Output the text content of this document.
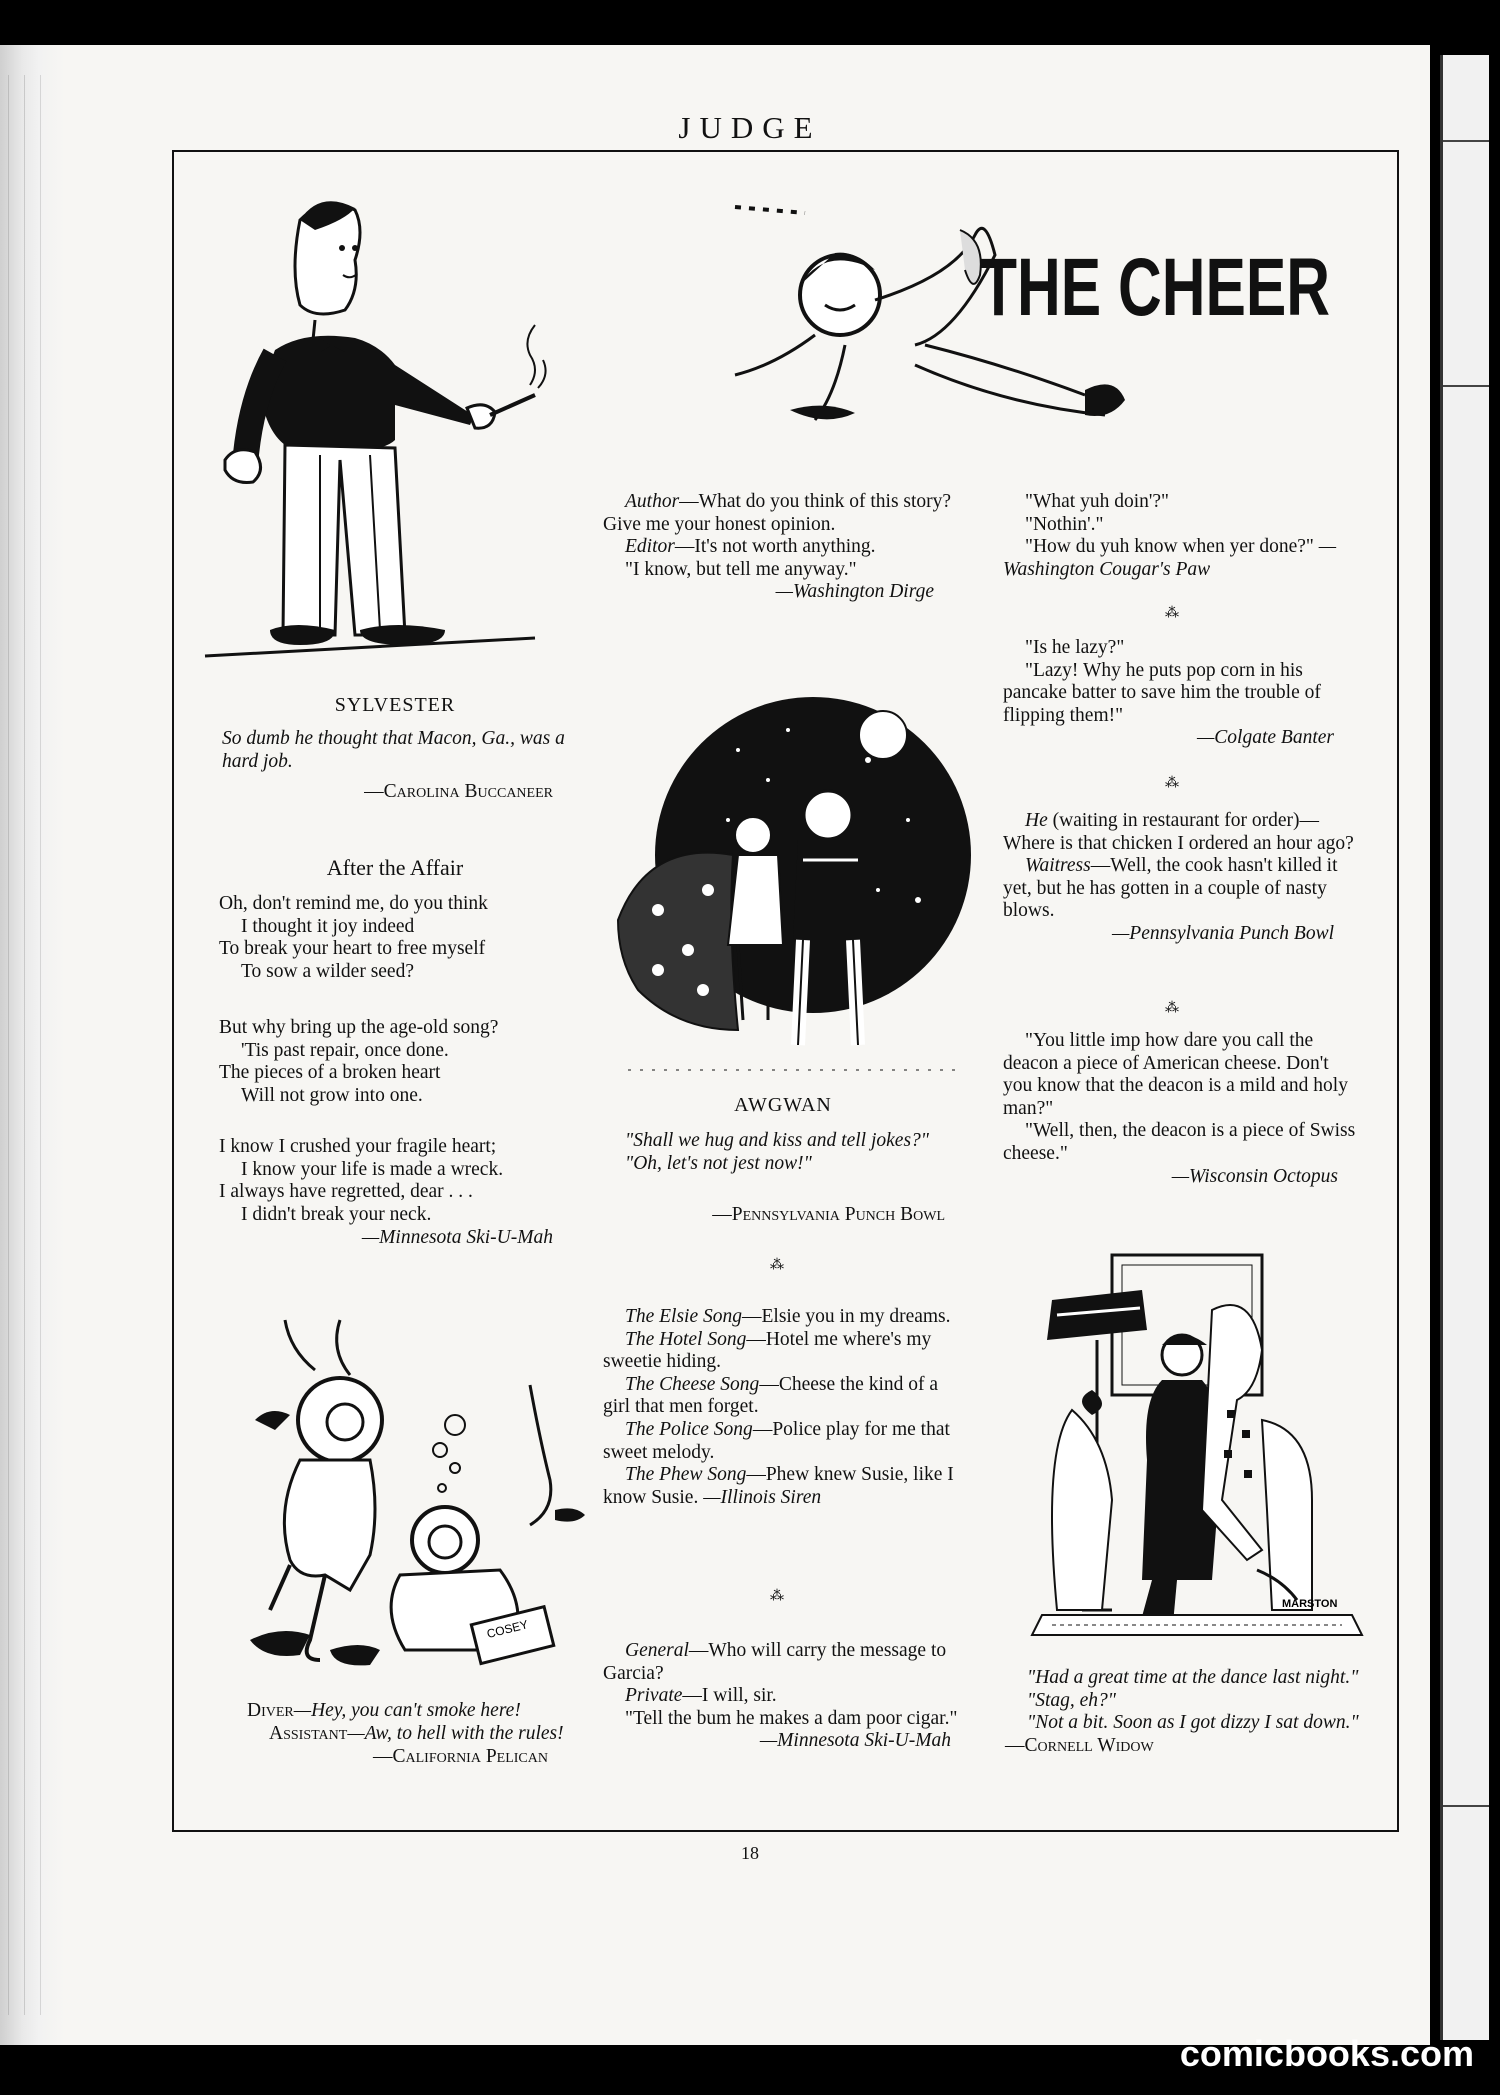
JUDGE
SYLVESTER
So dumb he thought that Macon, Ga., was a hard job.
—Carolina Buccaneer
After the Affair

Oh, don't remind me, do you think

I thought it joy indeed

To break your heart to free myself

To sow a wilder seed?

But why bring up the age-old song?

'Tis past repair, once done.

The pieces of a broken heart

Will not grow into one.

I know I crushed your fragile heart;

I know your life is made a wreck.

I always have regretted, dear . . .

I didn't break your neck.

—Minnesota Ski-U-Mah
COSEY

Diver—Hey, you can't smoke here!

Assistant—Aw, to hell with the rules!

—California Pelican
THE CHEER

Author—What do you think of this story? Give me your honest opinion.

Editor—It's not worth anything.

"I know, but tell me anyway."

—Washington Dirge

AWGWAN

"Shall we hug and kiss and tell jokes?"

"Oh, let's not jest now!"

—Pennsylvania Punch Bowl
⁂

The Elsie Song—Elsie you in my dreams.

The Hotel Song—Hotel me where's my sweetie hiding.

The Cheese Song—Cheese the kind of a girl that men forget.

The Police Song—Police play for me that sweet melody.

The Phew Song—Phew knew Susie, like I know Susie. —Illinois Siren

⁂

General—Who will carry the message to Garcia?

Private—I will, sir.

"Tell the bum he makes a dam poor cigar."

—Minnesota Ski-U-Mah

"What yuh doin'?"

"Nothin'."

"How du yuh know when yer done?" —Washington Cougar's Paw

⁂

"Is he lazy?"

"Lazy! Why he puts pop corn in his pancake batter to save him the trouble of flipping them!"

—Colgate Banter

⁂

He (waiting in restaurant for order)—Where is that chicken I ordered an hour ago?

Waitress—Well, the cook hasn't killed it yet, but he has gotten in a couple of nasty blows.

—Pennsylvania Punch Bowl

⁂

"You little imp how dare you call the deacon a piece of American cheese. Don't you know that the deacon is a mild and holy man?"

"Well, then, the deacon is a piece of Swiss cheese."

—Wisconsin Octopus

MARSTON

"Had a great time at the dance last night."

"Stag, eh?"

"Not a bit. Soon as I got dizzy I sat down." —Cornell Widow

18
comicbooks.com
